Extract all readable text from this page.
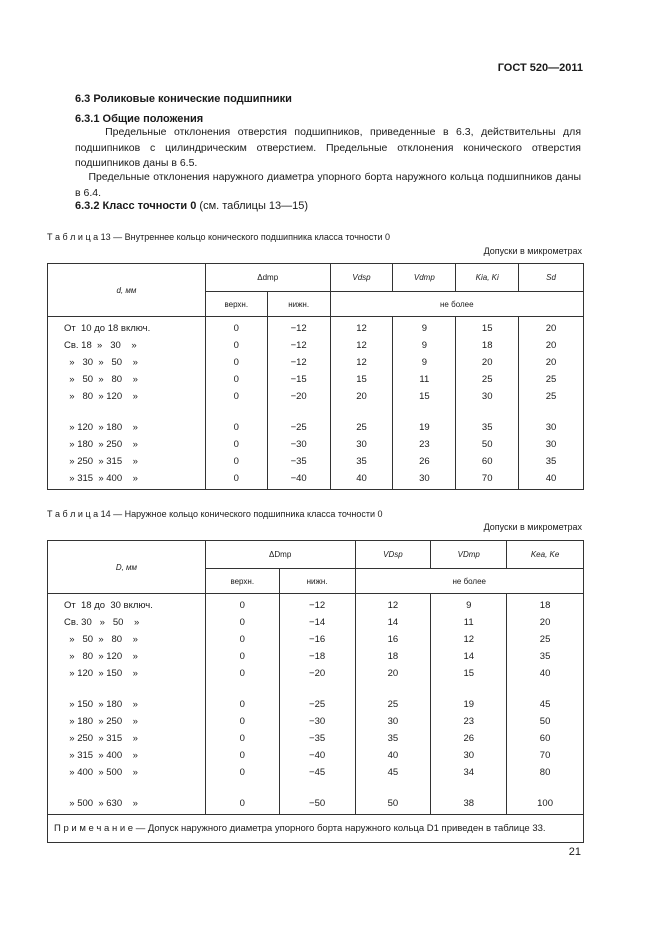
ГОСТ 520—2011
6.3 Роликовые конические подшипники
6.3.1 Общие положения
Предельные отклонения отверстия подшипников, приведенные в 6.3, действительны для подшипников с цилиндрическим отверстием. Предельные отклонения конического отверстия подшипников даны в 6.5.
Предельные отклонения наружного диаметра упорного борта наружного кольца подшипников даны в 6.4.
6.3.2 Класс точности 0 (см. таблицы 13—15)
Т а б л и ц а 13 — Внутреннее кольцо конического подшипника класса точности 0
Допуски в микрометрах
d, мм	Δdmp		Vdsp	Vdmp	Kia, Ki	Sd
	верхн.	нижн.	не более			
От  10 до 18 включ.	0	−12	12	9	15	20
Св. 18  »   30    »	0	−12	12	9	18	20
»   30  »   50    »	0	−12	12	9	20	20
»   50  »   80    »	0	−15	15	11	25	25
»   80  » 120    »	0	−20	20	15	30	25

» 120  » 180    »	0	−25	25	19	35	30
» 180  » 250    »	0	−30	30	23	50	30
» 250  » 315    »	0	−35	35	26	60	35
» 315  » 400    »	0	−40	40	30	70	40
Т а б л и ц а 14 — Наружное кольцо конического подшипника класса точности 0
Допуски в микрометрах
D, мм	ΔDmp		VDsp	VDmp	Kea, Ke
	верхн.	нижн.	не более		
От  18 до  30 включ.	0	−12	12	9	18
Св. 30   »   50    »	0	−14	14	11	20
»   50  »   80    »	0	−16	16	12	25
»   80  » 120    »	0	−18	18	14	35
» 120  » 150    »	0	−20	20	15	40

» 150  » 180    »	0	−25	25	19	45
» 180  » 250    »	0	−30	30	23	50
» 250  » 315    »	0	−35	35	26	60
» 315  » 400    »	0	−40	40	30	70
» 400  » 500    »	0	−45	45	34	80

» 500  » 630    »	0	−50	50	38	100
П р и м е ч а н и е — Допуск наружного диаметра упорного борта наружного кольца D1 приведен в таблице 33.					
21
